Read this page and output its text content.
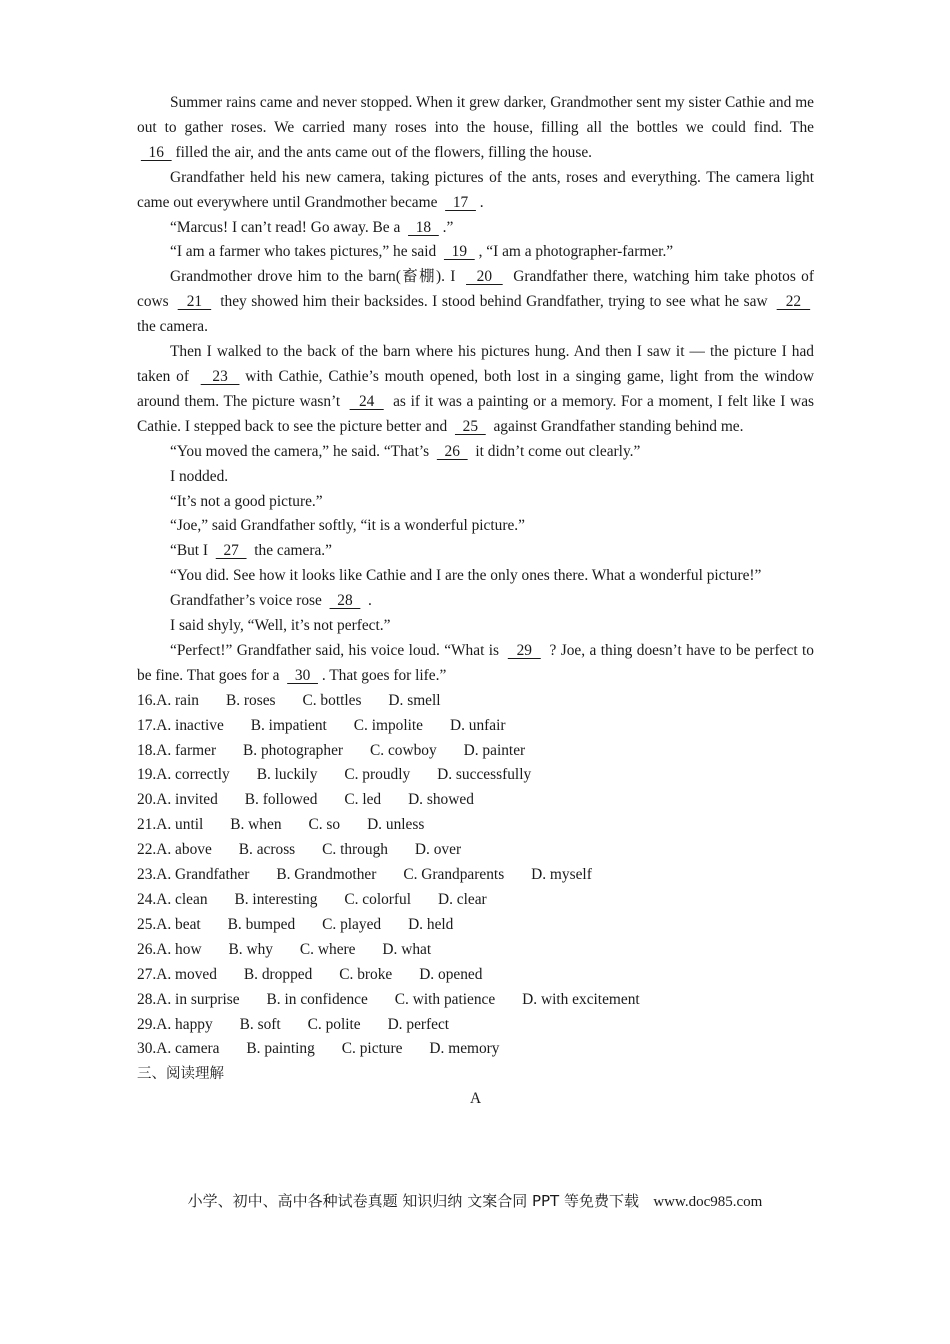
Summer rains came and never stopped. When it grew darker, Grandmother sent my sister Cathie and me out to gather roses. We carried many roses into the house, filling all the bottles we could find. The    16   filled the air, and the ants came out of the flowers, filling the house.

Grandfather held his new camera, taking pictures of the ants, roses and everything. The camera light came out everywhere until Grandmother became    17   .

“Marcus! I can’t read! Go away. Be a    18   .”

“I am a farmer who takes pictures,” he said    19   , “I am a photographer-farmer.”

Grandmother drove him to the barn(畜棚). I    20    Grandfather there, watching him take photos of cows    21    they showed him their backsides. I stood behind Grandfather, trying to see what he saw    22    the camera.

Then I walked to the back of the barn where his pictures hung. And then I saw it — the picture I had taken of    23   with Cathie, Cathie’s mouth opened, both lost in a singing game, light from the window around them. The picture wasn’t    24    as if it was a painting or a memory. For a moment, I felt like I was Cathie. I stepped back to see the picture better and    25    against Grandfather standing behind me.

“You moved the camera,” he said. “That’s    26    it didn’t come out clearly.”

I nodded.

“It’s not a good picture.”

“Joe,” said Grandfather softly, “it is a wonderful picture.”

“But I    27    the camera.”

“You did. See how it looks like Cathie and I are the only ones there. What a wonderful picture!”

Grandfather’s voice rose    28    .

I said shyly, “Well, it’s not perfect.”

“Perfect!” Grandfather said, his voice loud. “What is    29    ? Joe, a thing doesn’t have to be perfect to be fine. That goes for a    30   . That goes for life.”

16.A. rain B. roses C. bottles D. smell

17.A. inactive B. impatient C. impolite D. unfair

18.A. farmer B. photographer C. cowboy D. painter

19.A. correctly B. luckily C. proudly D. successfully

20.A. invited B. followed C. led D. showed

21.A. until B. when C. so D. unless

22.A. above B. across C. through D. over

23.A. Grandfather B. Grandmother C. Grandparents D. myself

24.A. clean B. interesting C. colorful D. clear

25.A. beat B. bumped C. played D. held

26.A. how B. why C. where D. what

27.A. moved B. dropped C. broke D. opened

28.A. in surprise B. in confidence C. with patience D. with excitement

29.A. happy B. soft C. polite D. perfect

30.A. camera B. painting C. picture D. memory

三、阅读理解

A

小学、初中、高中各种试卷真题 知识归纳 文案合同 PPT 等免费下载 www.doc985.com
